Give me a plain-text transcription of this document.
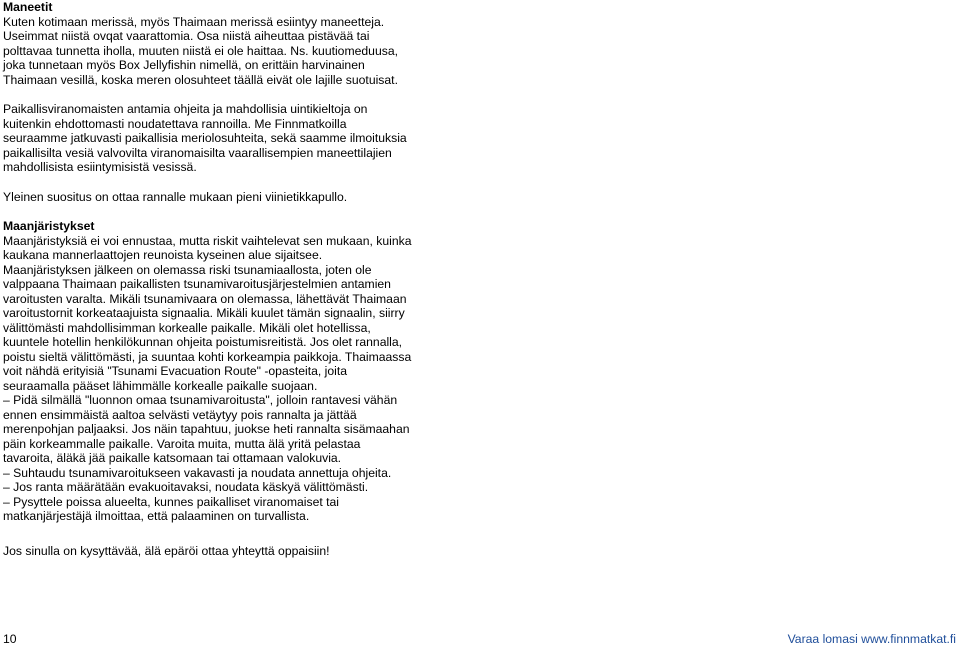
Maneetit
Kuten kotimaan merissä, myös Thaimaan merissä esiintyy maneetteja.
Useimmat niistä ovqat vaarattomia. Osa niistä aiheuttaa pistävää tai
polttavaa tunnetta iholla, muuten niistä ei ole haittaa. Ns. kuutiomeduusa,
joka tunnetaan myös Box Jellyfishin nimellä, on erittäin harvinainen
Thaimaan vesillä, koska meren olosuhteet täällä eivät ole lajille suotuisat.
Paikallisviranomaisten antamia ohjeita ja mahdollisia uintikieltoja on
kuitenkin ehdottomasti noudatettava rannoilla. Me Finnmatkoilla
seuraamme jatkuvasti paikallisia meriolosuhteita, sekä saamme ilmoituksia
paikallisilta vesiä valvovilta viranomaisilta vaarallisempien maneettilajien
mahdollisista esiintymisistä vesissä.
Yleinen suositus on ottaa rannalle mukaan pieni viinietikkapullo.
Maanjäristykset
Maanjäristyksiä ei voi ennustaa, mutta riskit vaihtelevat sen mukaan, kuinka
kaukana mannerlaattojen reunoista kyseinen alue sijaitsee.
Maanjäristyksen jälkeen on olemassa riski tsunamiaallosta, joten ole
valppaana Thaimaan paikallisten tsunamivaroitusjärjestelmien antamien
varoitusten varalta. Mikäli tsunamivaara on olemassa, lähettävät Thaimaan
varoitustornit korkeataajuista signaalia. Mikäli kuulet tämän signaalin, siirry
välittömästi mahdollisimman korkealle paikalle. Mikäli olet hotellissa,
kuuntele hotellin henkilökunnan ohjeita poistumisreitistä. Jos olet rannalla,
poistu sieltä välittömästi, ja suuntaa kohti korkeampia paikkoja. Thaimaassa
voit nähdä erityisiä "Tsunami Evacuation Route" -opasteita, joita
seuraamalla pääset lähimmälle korkealle paikalle suojaan.
– Pidä silmällä "luonnon omaa tsunamivaroitusta", jolloin rantavesi vähän
ennen ensimmäistä aaltoa selvästi vetäytyy pois rannalta ja jättää
merenpohjan paljaaksi. Jos näin tapahtuu, juokse heti rannalta sisämaahan
päin korkeammalle paikalle. Varoita muita, mutta älä yritä pelastaa
tavaroita, äläkä jää paikalle katsomaan tai ottamaan valokuvia.
– Suhtaudu tsunamivaroitukseen vakavasti ja noudata annettuja ohjeita.
– Jos ranta määrätään evakuoitavaksi, noudata käskyä välittömästi.
– Pysyttele poissa alueelta, kunnes paikalliset viranomaiset tai
matkanjärjestäjä ilmoittaa, että palaaminen on turvallista.
Jos sinulla on kysyttävää, älä epäröi ottaa yhteyttä oppaisiin!
10	Varaa lomasi www.finnmatkat.fi
